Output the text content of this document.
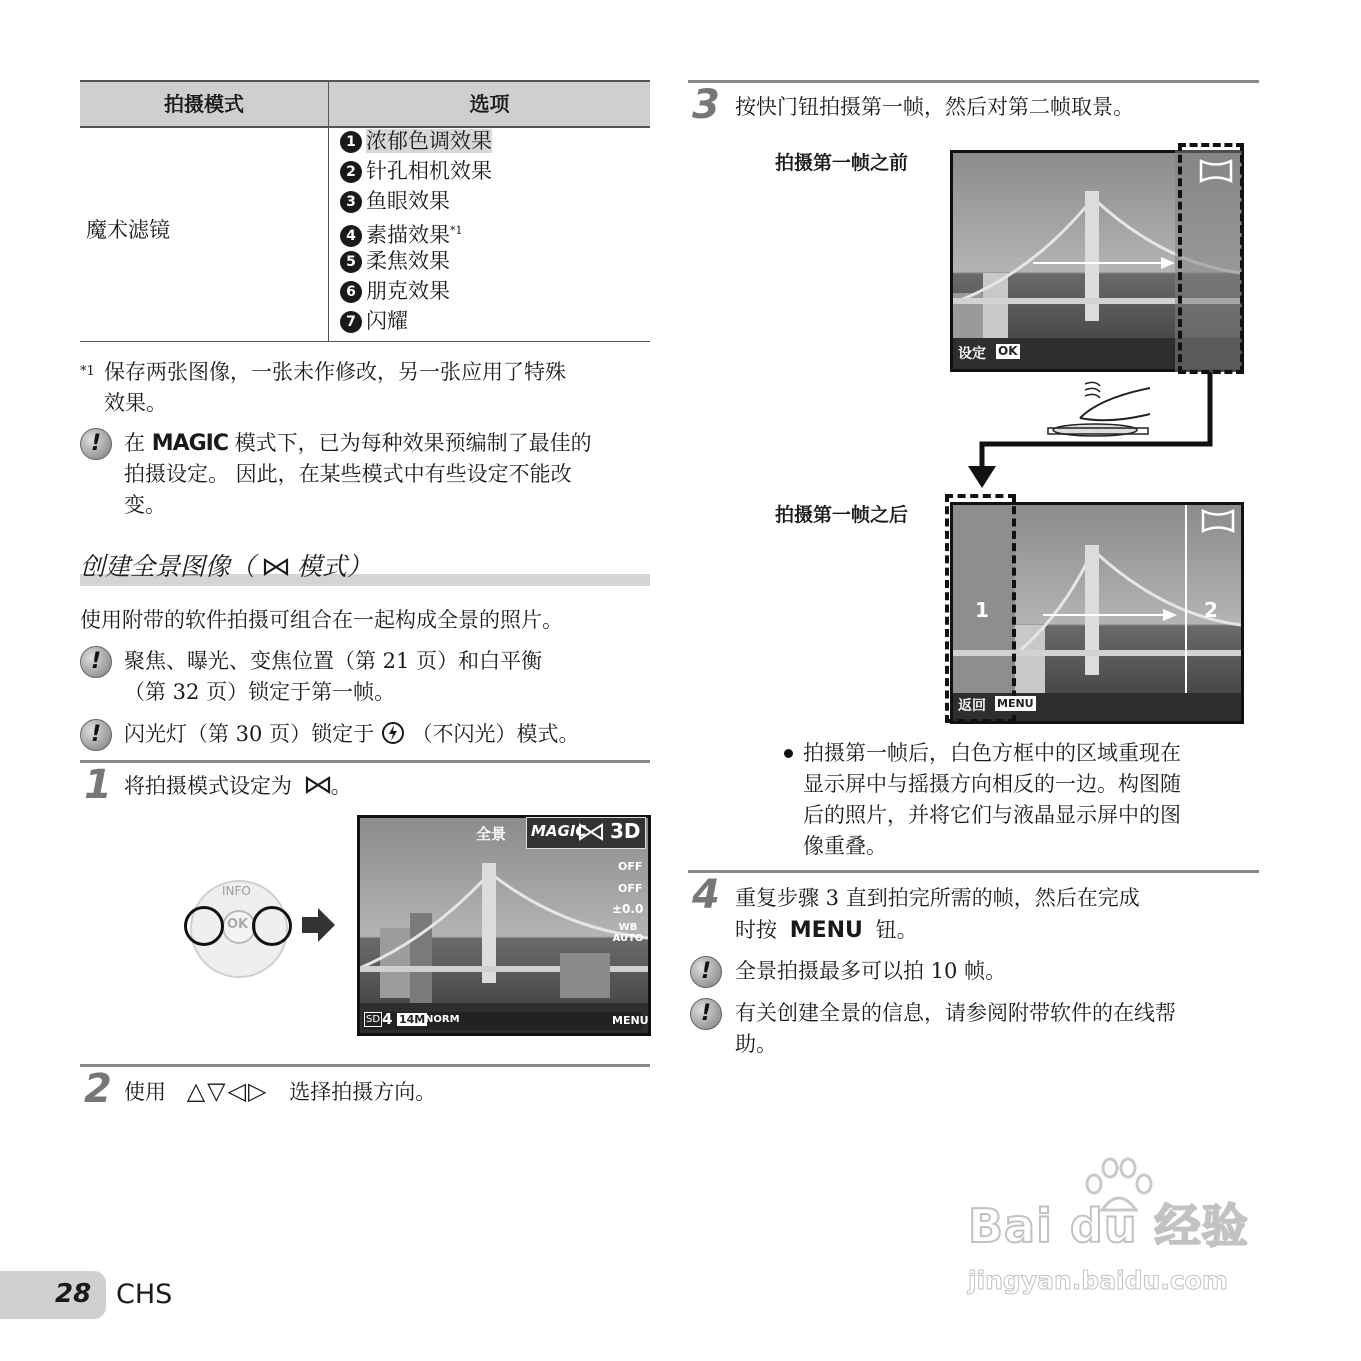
拍摄模式	选项
魔术滤镜
1 浓郁色调效果
2 针孔相机效果
3 鱼眼效果
4 素描效果$^{*1}$
5 柔焦效果
6 朋克效果
7 闪耀
*1 保存两张图像，一张未作修改，另一张应用了特殊
效果。
!	在 MAGIC 模式下，已为每种效果预编制了最佳的
拍摄设定。 因此，在某些模式中有些设定不能改
变。
创建全景图像（ 模式）
使用附带的软件拍摄可组合在一起构成全景的照片。
!	聚焦、曝光、变焦位置（第 21 页）和白平衡
（第 32 页）锁定于第一帧。
!	闪光灯（第 30 页）锁定于 （不闪光）模式。
1 将拍摄模式设定为 。
INFO
OK
全景 MAGIC 3D
OFF
OFF
±0.0
WB AUTO
SD 4 14M NORM	MENU
2 使用 △▽◁▷ 选择拍摄方向。
28 CHS
3 按快门钮拍摄第一帧，然后对第二帧取景。
拍摄第一帧之前
设定 OK
拍摄第一帧之后
1	2
返回 MENU
拍摄第一帧后，白色方框中的区域重现在
显示屏中与摇摄方向相反的一边。构图随
后的照片，并将它们与液晶显示屏中的图
像重叠。
4 重复步骤 3 直到拍完所需的帧，然后在完成
时按 MENU 钮。
!	全景拍摄最多可以拍 10 帧。
!	有关创建全景的信息，请参阅附带软件的在线帮
助。
Bai du 经验
jingyan.baidu.com
